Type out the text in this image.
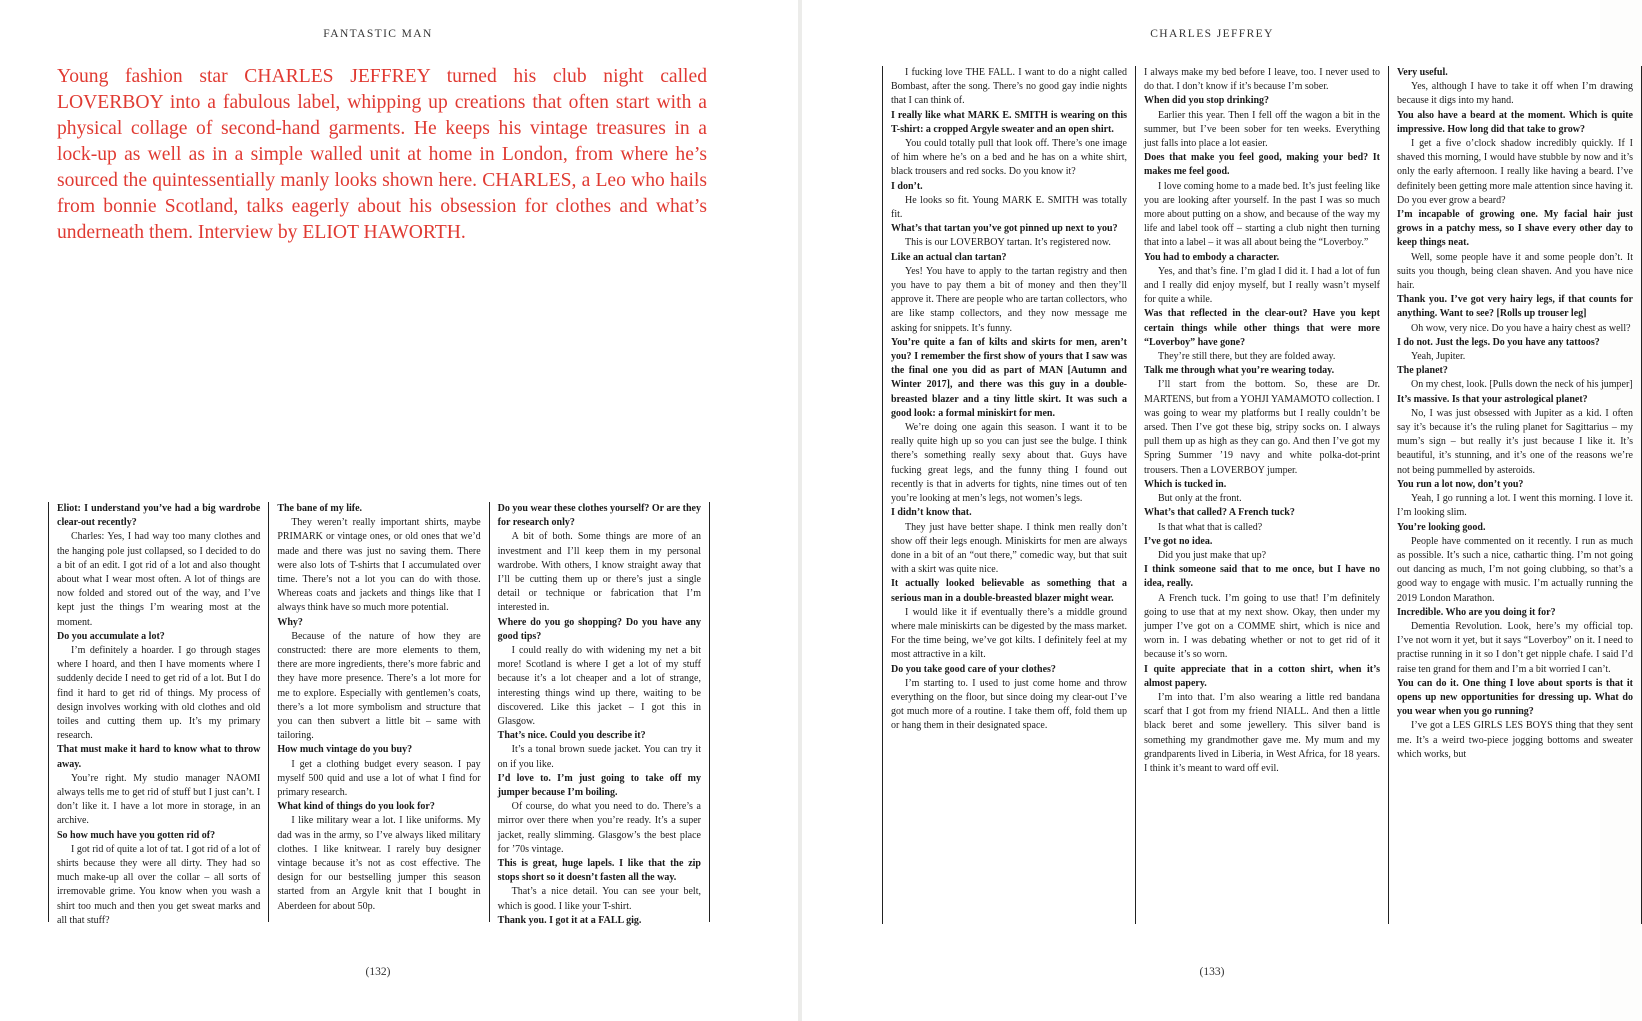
FANTASTIC MAN
Young fashion star CHARLES JEFFREY turned his club night called LOVERBOY into a fabulous label, whipping up creations that often start with a physical collage of second-hand garments. He keeps his vintage treasures in a lock-up as well as in a simple walled unit at home in London, from where he’s sourced the quintessentially manly looks shown here. CHARLES, a Leo who hails from bonnie Scotland, talks eagerly about his obsession for clothes and what’s underneath them. Interview by ELIOT HAWORTH.

Eliot: I understand you’ve had a big wardrobe clear-out recently?

Charles: Yes, I had way too many clothes and the hanging pole just collapsed, so I decided to do a bit of an edit. I got rid of a lot and also thought about what I wear most often. A lot of things are now folded and stored out of the way, and I’ve kept just the things I’m wearing most at the moment.

Do you accumulate a lot?

I’m definitely a hoarder. I go through stages where I hoard, and then I have moments where I suddenly decide I need to get rid of a lot. But I do find it hard to get rid of things. My process of design involves working with old clothes and old toiles and cutting them up. It’s my primary research.

That must make it hard to know what to throw away.

You’re right. My studio manager NAOMI always tells me to get rid of stuff but I just can’t. I don’t like it. I have a lot more in storage, in an archive.

So how much have you gotten rid of?

I got rid of quite a lot of tat. I got rid of a lot of shirts because they were all dirty. They had so much make-up all over the collar – all sorts of irremovable grime. You know when you wash a shirt too much and then you get sweat marks and all that stuff?

The bane of my life.

They weren’t really important shirts, maybe PRIMARK or vintage ones, or old ones that we’d made and there was just no saving them. There were also lots of T-shirts that I accumulated over time. There’s not a lot you can do with those. Whereas coats and jackets and things like that I always think have so much more potential.

Why?

Because of the nature of how they are constructed: there are more elements to them, there are more ingredients, there’s more fabric and they have more presence. There’s a lot more for me to explore. Especially with gentlemen’s coats, there’s a lot more symbolism and structure that you can then subvert a little bit – same with tailoring.

How much vintage do you buy?

I get a clothing budget every season. I pay myself 500 quid and use a lot of what I find for primary research.

What kind of things do you look for?

I like military wear a lot. I like uniforms. My dad was in the army, so I’ve always liked military clothes. I like knitwear. I rarely buy designer vintage because it’s not as cost effective. The design for our bestselling jumper this season started from an Argyle knit that I bought in Aberdeen for about 50p.

Do you wear these clothes yourself? Or are they for research only?

A bit of both. Some things are more of an investment and I’ll keep them in my personal wardrobe. With others, I know straight away that I’ll be cutting them up or there’s just a single detail or technique or fabrication that I’m interested in.

Where do you go shopping? Do you have any good tips?

I could really do with widening my net a bit more! Scotland is where I get a lot of my stuff because it’s a lot cheaper and a lot of strange, interesting things wind up there, waiting to be discovered. Like this jacket – I got this in Glasgow.

That’s nice. Could you describe it?

It’s a tonal brown suede jacket. You can try it on if you like.

I’d love to. I’m just going to take off my jumper because I’m boiling.

Of course, do what you need to do. There’s a mirror over there when you’re ready. It’s a super jacket, really slimming. Glasgow’s the best place for ’70s vintage.

This is great, huge lapels. I like that the zip stops short so it doesn’t fasten all the way.

That’s a nice detail. You can see your belt, which is good. I like your T-shirt.

Thank you. I got it at a FALL gig.

(132)
CHARLES JEFFREY

I fucking love THE FALL. I want to do a night called Bombast, after the song. There’s no good gay indie nights that I can think of.

I really like what MARK E. SMITH is wearing on this T-shirt: a cropped Argyle sweater and an open shirt.

You could totally pull that look off. There’s one image of him where he’s on a bed and he has on a white shirt, black trousers and red socks. Do you know it?

I don’t.

He looks so fit. Young MARK E. SMITH was totally fit.

What’s that tartan you’ve got pinned up next to you?

This is our LOVERBOY tartan. It’s registered now.

Like an actual clan tartan?

Yes! You have to apply to the tartan registry and then you have to pay them a bit of money and then they’ll approve it. There are people who are tartan collectors, who are like stamp collectors, and they now message me asking for snippets. It’s funny.

You’re quite a fan of kilts and skirts for men, aren’t you? I remember the first show of yours that I saw was the final one you did as part of MAN [Autumn and Winter 2017], and there was this guy in a double-breasted blazer and a tiny little skirt. It was such a good look: a formal miniskirt for men.

We’re doing one again this season. I want it to be really quite high up so you can just see the bulge. I think there’s something really sexy about that. Guys have fucking great legs, and the funny thing I found out recently is that in adverts for tights, nine times out of ten you’re looking at men’s legs, not women’s legs.

I didn’t know that.

They just have better shape. I think men really don’t show off their legs enough. Miniskirts for men are always done in a bit of an “out there,” comedic way, but that suit with a skirt was quite nice.

It actually looked believable as something that a serious man in a double-breasted blazer might wear.

I would like it if eventually there’s a middle ground where male miniskirts can be digested by the mass market. For the time being, we’ve got kilts. I definitely feel at my most attractive in a kilt.

Do you take good care of your clothes?

I’m starting to. I used to just come home and throw everything on the floor, but since doing my clear-out I’ve got much more of a routine. I take them off, fold them up or hang them in their designated space.

I always make my bed before I leave, too. I never used to do that. I don’t know if it’s because I’m sober.

When did you stop drinking?

Earlier this year. Then I fell off the wagon a bit in the summer, but I’ve been sober for ten weeks. Everything just falls into place a lot easier.

Does that make you feel good, making your bed? It makes me feel good.

I love coming home to a made bed. It’s just feeling like you are looking after yourself. In the past I was so much more about putting on a show, and because of the way my life and label took off – starting a club night then turning that into a label – it was all about being the “Loverboy.”

You had to embody a character.

Yes, and that’s fine. I’m glad I did it. I had a lot of fun and I really did enjoy myself, but I really wasn’t myself for quite a while.

Was that reflected in the clear-out? Have you kept certain things while other things that were more “Loverboy” have gone?

They’re still there, but they are folded away.

Talk me through what you’re wearing today.

I’ll start from the bottom. So, these are Dr. MARTENS, but from a YOHJI YAMAMOTO collection. I was going to wear my platforms but I really couldn’t be arsed. Then I’ve got these big, stripy socks on. I always pull them up as high as they can go. And then I’ve got my Spring Summer ’19 navy and white polka-dot-print trousers. Then a LOVERBOY jumper.

Which is tucked in.

But only at the front.

What’s that called? A French tuck?

Is that what that is called?

I’ve got no idea.

Did you just make that up?

I think someone said that to me once, but I have no idea, really.

A French tuck. I’m going to use that! I’m definitely going to use that at my next show. Okay, then under my jumper I’ve got on a COMME shirt, which is nice and worn in. I was debating whether or not to get rid of it because it’s so worn.

I quite appreciate that in a cotton shirt, when it’s almost papery.

I’m into that. I’m also wearing a little red bandana scarf that I got from my friend NIALL. And then a little black beret and some jewellery. This silver band is something my grandmother gave me. My mum and my grandparents lived in Liberia, in West Africa, for 18 years. I think it’s meant to ward off evil.

Very useful.

Yes, although I have to take it off when I’m drawing because it digs into my hand.

You also have a beard at the moment. Which is quite impressive. How long did that take to grow?

I get a five o’clock shadow incredibly quickly. If I shaved this morning, I would have stubble by now and it’s only the early afternoon. I really like having a beard. I’ve definitely been getting more male attention since having it. Do you ever grow a beard?

I’m incapable of growing one. My facial hair just grows in a patchy mess, so I shave every other day to keep things neat.

Well, some people have it and some people don’t. It suits you though, being clean shaven. And you have nice hair.

Thank you. I’ve got very hairy legs, if that counts for anything. Want to see? [Rolls up trouser leg]

Oh wow, very nice. Do you have a hairy chest as well?

I do not. Just the legs. Do you have any tattoos?

Yeah, Jupiter.

The planet?

On my chest, look. [Pulls down the neck of his jumper]

It’s massive. Is that your astrological planet?

No, I was just obsessed with Jupiter as a kid. I often say it’s because it’s the ruling planet for Sagittarius – my mum’s sign – but really it’s just because I like it. It’s beautiful, it’s stunning, and it’s one of the reasons we’re not being pummelled by asteroids.

You run a lot now, don’t you?

Yeah, I go running a lot. I went this morning. I love it. I’m looking slim.

You’re looking good.

People have commented on it recently. I run as much as possible. It’s such a nice, cathartic thing. I’m not going out dancing as much, I’m not going clubbing, so that’s a good way to engage with music. I’m actually running the 2019 London Marathon.

Incredible. Who are you doing it for?

Dementia Revolution. Look, here’s my official top. I’ve not worn it yet, but it says “Loverboy” on it. I need to practise running in it so I don’t get nipple chafe. I said I’d raise ten grand for them and I’m a bit worried I can’t.

You can do it. One thing I love about sports is that it opens up new opportunities for dressing up. What do you wear when you go running?

I’ve got a LES GIRLS LES BOYS thing that they sent me. It’s a weird two-piece jogging bottoms and sweater which works, but

(133)
